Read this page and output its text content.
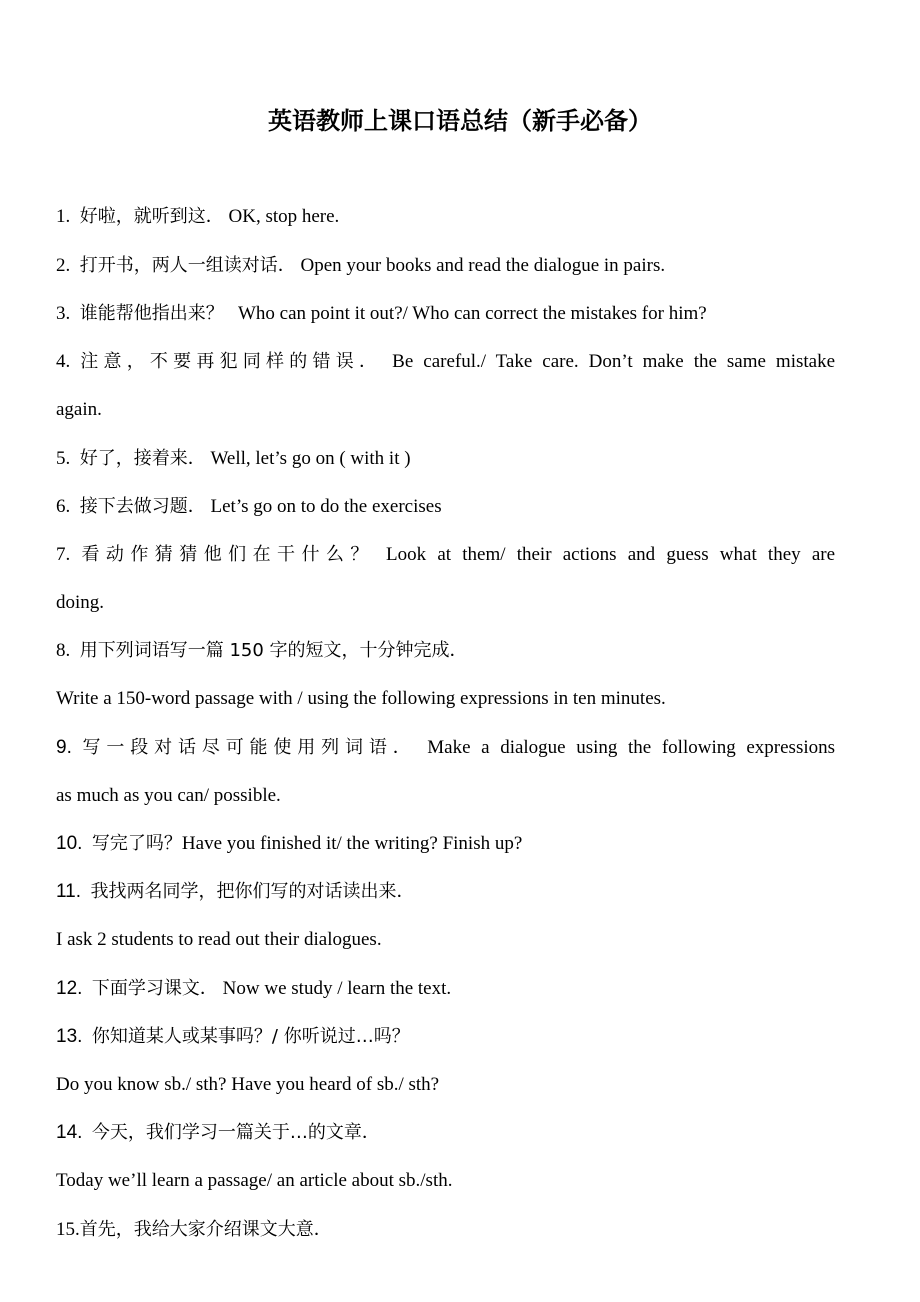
英语教师上课口语总结（新手必备）
1. 好啦，就听到这． OK, stop here.
2. 打开书，两人一组读对话． Open your books and read the dialogue in pairs.
3. 谁能帮他指出来？ Who can point it out?/ Who can correct the mistakes for him?
4. 注意，不要再犯同样的错误． Be careful./ Take care. Don’t make the same mistake
again.
5. 好了，接着来． Well, let’s go on ( with it )
6. 接下去做习题． Let’s go on to do the exercises
7. 看动作猜猜他们在干什么？ Look at them/ their actions and guess what they are
doing.
8. 用下列词语写一篇 150 字的短文，十分钟完成．
Write a 150-word passage with / using the following expressions in ten minutes.
9. 写一段对话尽可能使用列词语． Make a dialogue using the following expressions
as much as you can/ possible.
10. 写完了吗？Have you finished it/ the writing? Finish up?
11. 我找两名同学，把你们写的对话读出来．
I ask 2 students to read out their dialogues.
12. 下面学习课文． Now we study / learn the text.
13. 你知道某人或某事吗？/ 你听说过…吗？
Do you know sb./ sth? Have you heard of sb./ sth?
14. 今天，我们学习一篇关于…的文章．
Today we’ll learn a passage/ an article about sb./sth.
15.首先，我给大家介绍课文大意．
